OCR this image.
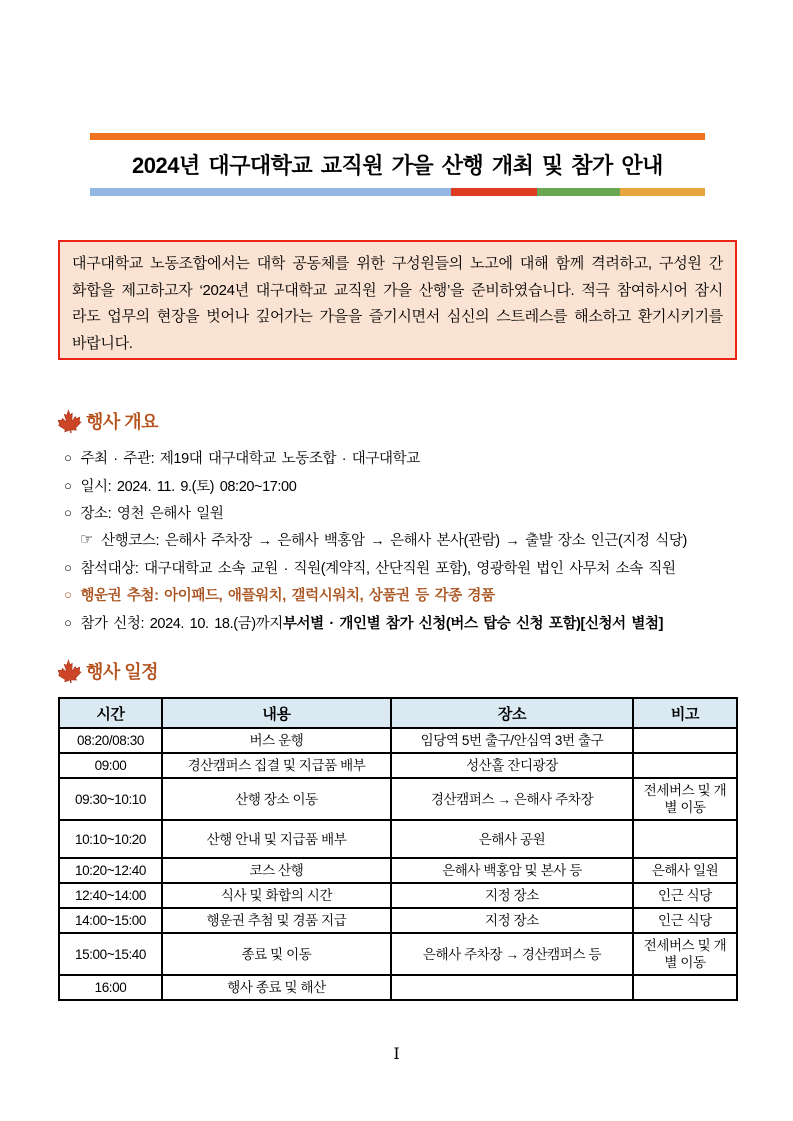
2024년 대구대학교 교직원 가을 산행 개최 및 참가 안내
대구대학교 노동조합에서는 대학 공동체를 위한 구성원들의 노고에 대해 함께 격려하고, 구성원 간 화합을 제고하고자 ‘2024년 대구대학교 교직원 가을 산행’을 준비하였습니다. 적극 참여하시어 잠시라도 업무의 현장을 벗어나 깊어가는 가을을 즐기시면서 심신의 스트레스를 해소하고 환기시키기를 바랍니다.
행사 개요
○ 주최 · 주관: 제19대 대구대학교 노동조합 · 대구대학교
○ 일시: 2024. 11. 9.(토) 08:20~17:00
○ 장소: 영천 은해사 일원
☞ 산행코스: 은해사 주차장 → 은해사 백홍암 → 은해사 본사(관람) → 출발 장소 인근(지정 식당)
○ 참석대상: 대구대학교 소속 교원 · 직원(계약직, 산단직원 포함), 영광학원 법인 사무처 소속 직원
○ 행운권 추첨: 아이패드, 애플워치, 갤럭시워치, 상품권 등 각종 경품
○ 참가 신청: 2024. 10. 18.(금)까지 부서별 · 개인별 참가 신청(버스 탑승 신청 포함)[신청서 별첨]
행사 일정
시간	내용	장소	비고
08:20/08:30	버스 운행	임당역 5번 출구/안심역 3번 출구	
09:00	경산캠퍼스 집결 및 지급품 배부	성산홀 잔디광장	
09:30~10:10	산행 장소 이동	경산캠퍼스 → 은해사 주차장	전세버스 및 개별 이동
10:10~10:20	산행 안내 및 지급품 배부	은해사 공원	
10:20~12:40	코스 산행	은해사 백홍암 및 본사 등	은해사 일원
12:40~14:00	식사 및 화합의 시간	지정 장소	인근 식당
14:00~15:00	행운권 추첨 및 경품 지급	지정 장소	인근 식당
15:00~15:40	종료 및 이동	은해사 주차장 → 경산캠퍼스 등	전세버스 및 개별 이동
16:00	행사 종료 및 해산		
I
